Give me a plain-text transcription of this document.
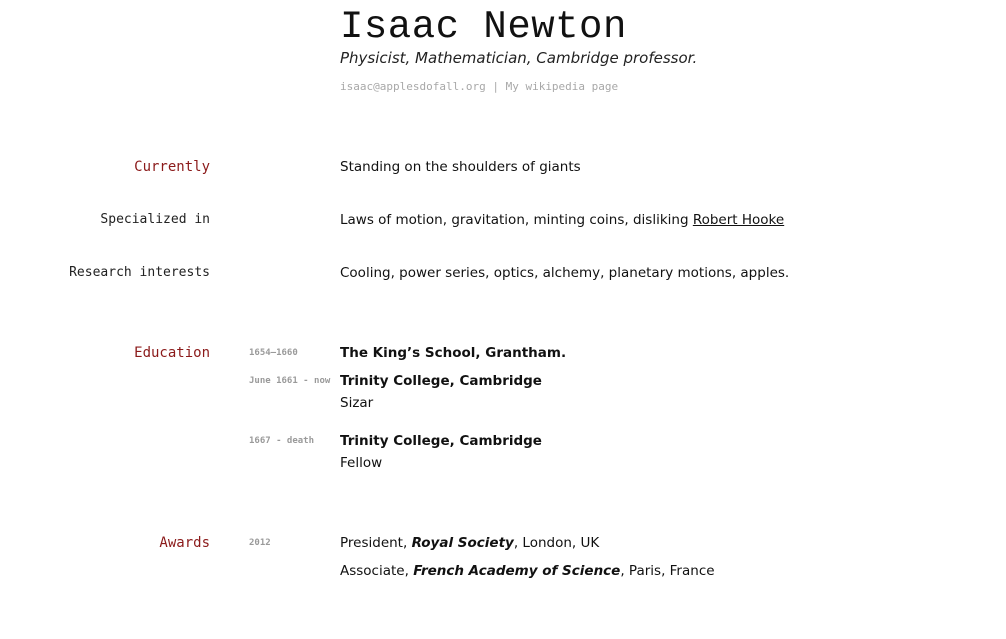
Isaac Newton
Physicist, Mathematician, Cambridge professor.
isaac@applesdofall.org | My wikipedia page
Currently	Standing on the shoulders of giants
Specialized in	Laws of motion, gravitation, minting coins, disliking Robert Hooke
Research interests	Cooling, power series, optics, alchemy, planetary motions, apples.
Education	1654–1660	The King’s School, Grantham.
June 1661 - now Trinity College, Cambridge
Sizar
1667 - death Trinity College, Cambridge
Fellow
Awards	2012	President, Royal Society, London, UK
Associate, French Academy of Science, Paris, France
